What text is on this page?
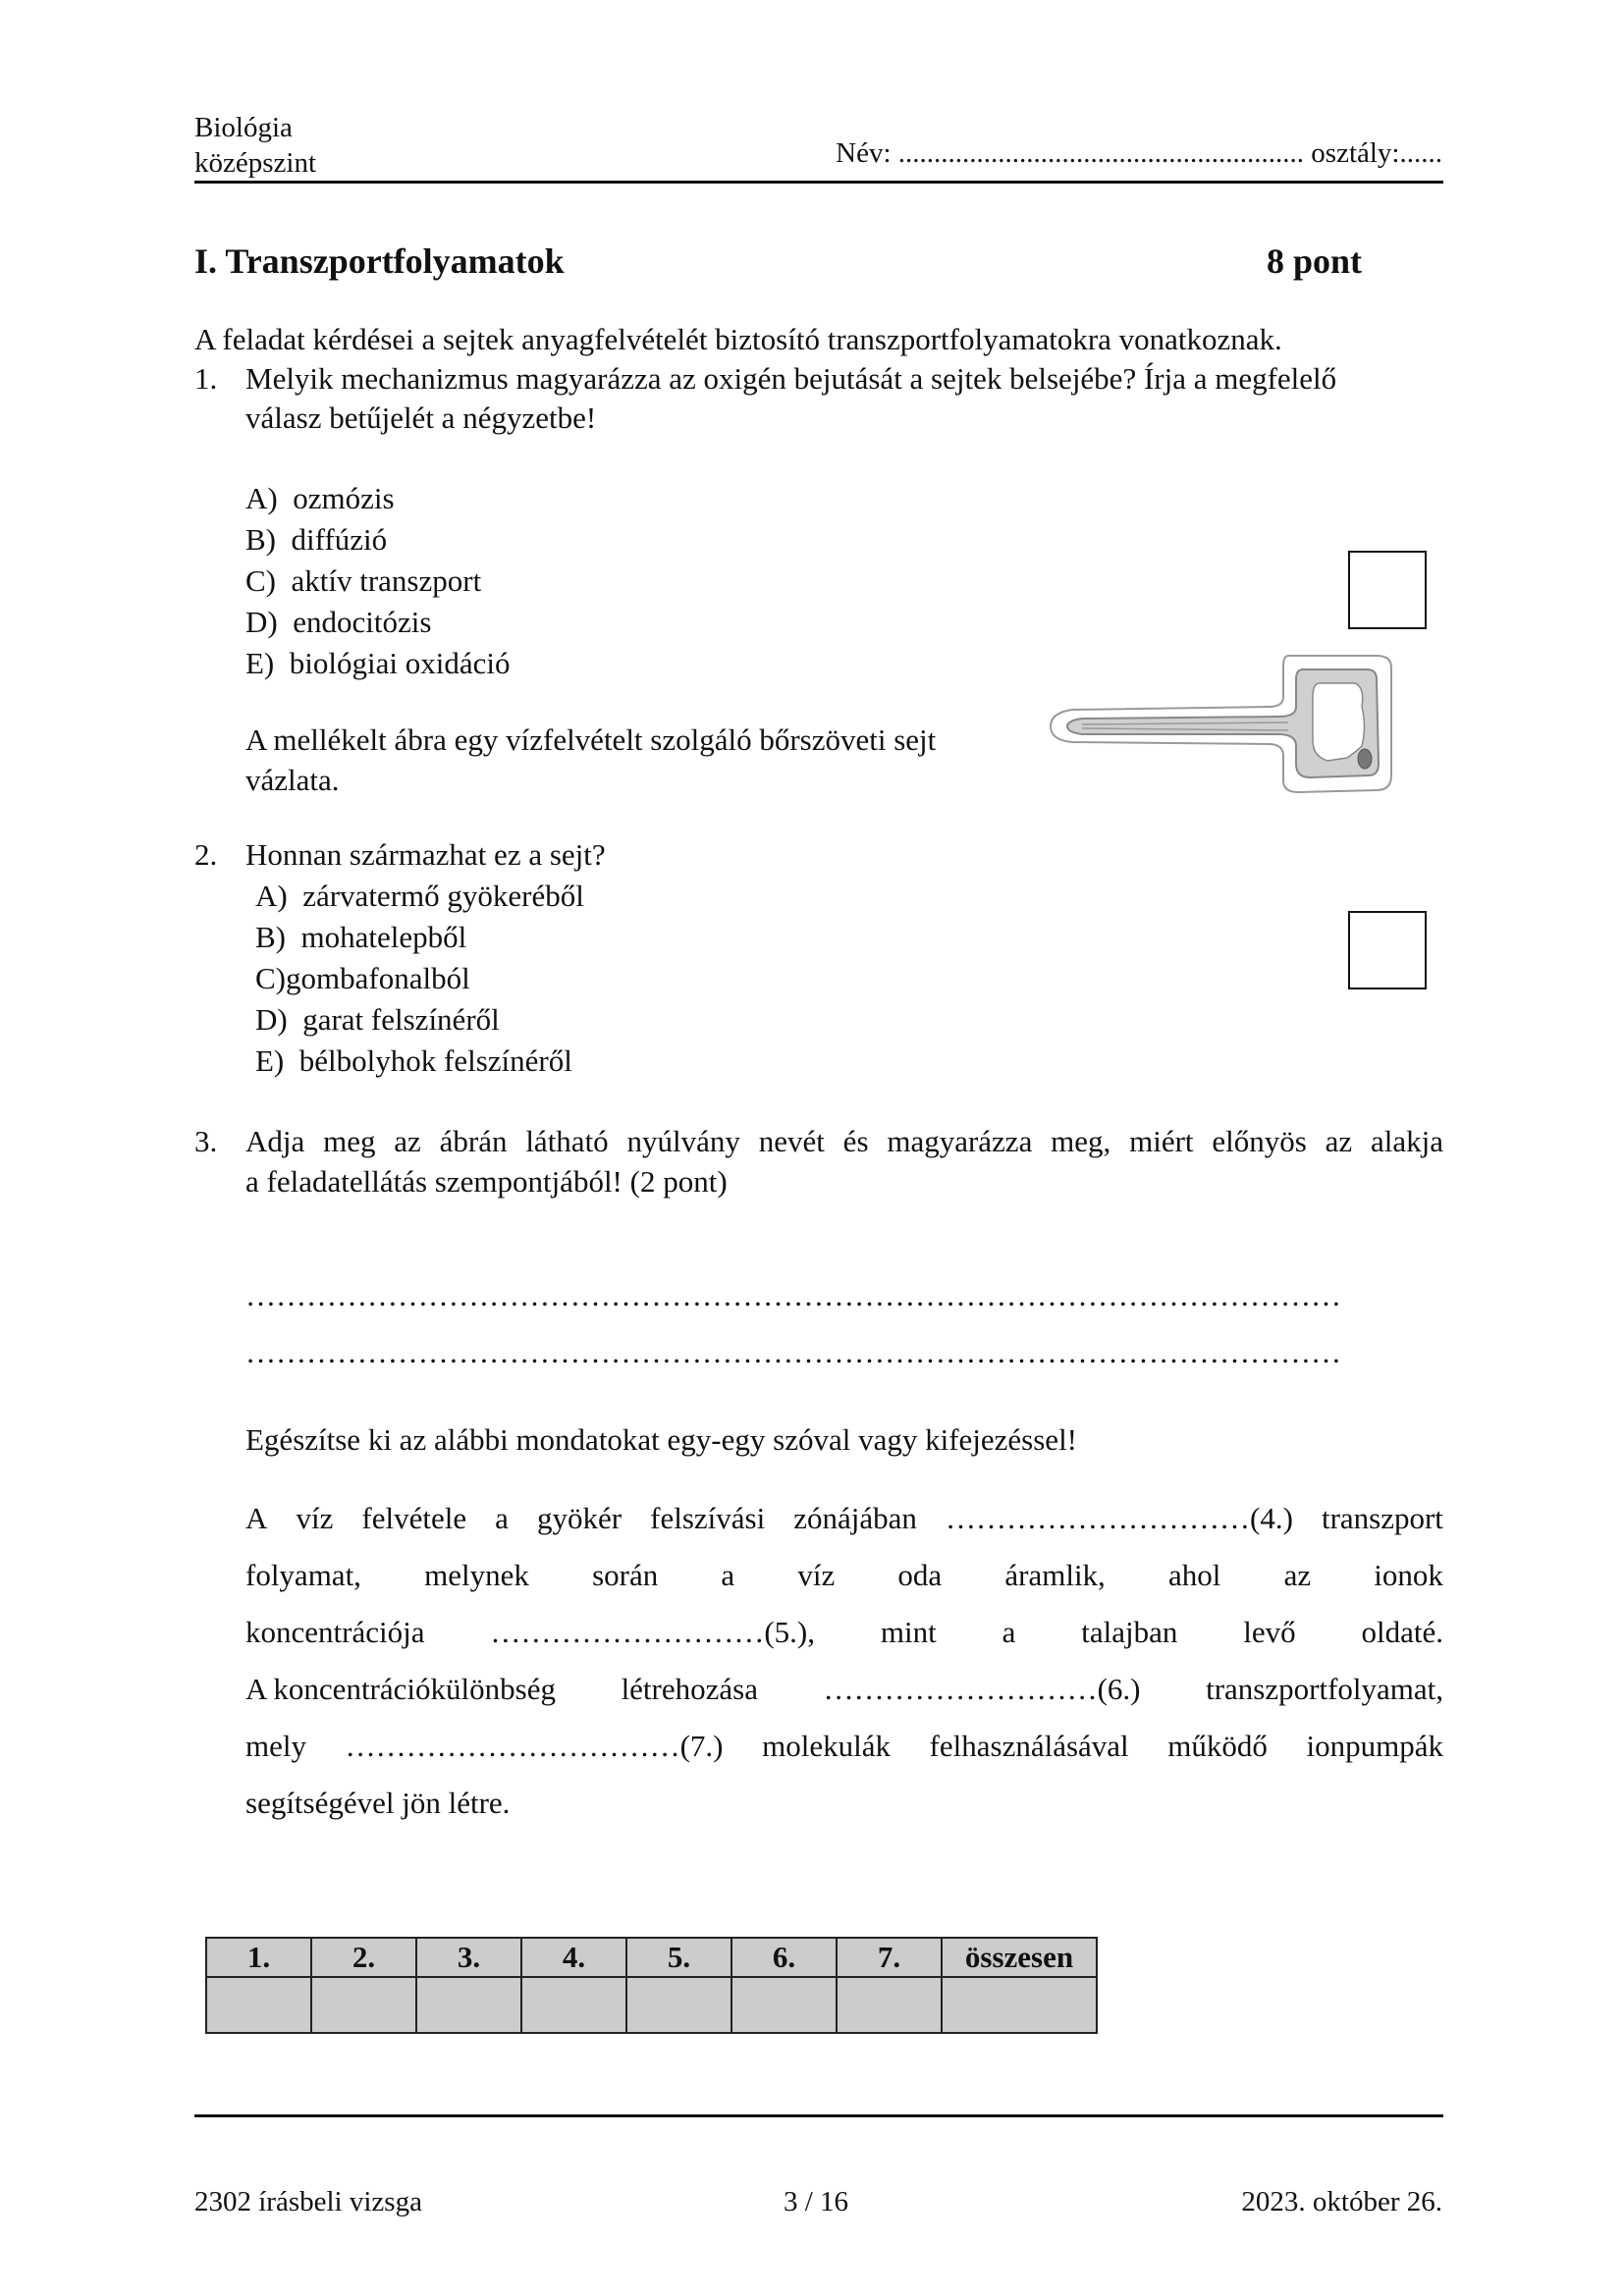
Biológia
középszint	Név: ......................................................... osztály:......
I. Transzportfolyamatok	8 pont
A feladat kérdései a sejtek anyagfelvételét biztosító transzportfolyamatokra vonatkoznak.
1. Melyik mechanizmus magyarázza az oxigén bejutását a sejtek belsejébe? Írja a megfelelő
válasz betűjelét a négyzetbe!
A) ozmózis
B) diffúzió
C) aktív transzport
D) endocitózis
E) biológiai oxidáció
A mellékelt ábra egy vízfelvételt szolgáló bőrszöveti sejt
vázlata.
2. Honnan származhat ez a sejt?
A) zárvatermő gyökeréből
B) mohatelepből
C)gombafonalból
D) garat felszínéről
E) bélbolyhok felszínéről
3. Adja meg az ábrán látható nyúlvány nevét és magyarázza meg, miért előnyös az alakja
a feladatellátás szempontjából! (2 pont)
………………………………………………………………………………………………
………………………………………………………………………………………………
Egészítse ki az alábbi mondatokat egy-egy szóval vagy kifejezéssel!
A víz felvétele a gyökér felszívási zónájában …………………………(4.) transzport
folyamat, melynek során a víz oda áramlik, ahol az ionok
koncentrációja ………………………(5.), mint a talajban levő oldaté.
A koncentrációkülönbség létrehozása ………………………(6.) transzportfolyamat,
mely ……………………………(7.) molekulák felhasználásával működő ionpumpák
segítségével jön létre.
1.	2.	3.	4.	5.	6.	7.	összesen

2302 írásbeli vizsga	3 / 16	2023. október 26.
